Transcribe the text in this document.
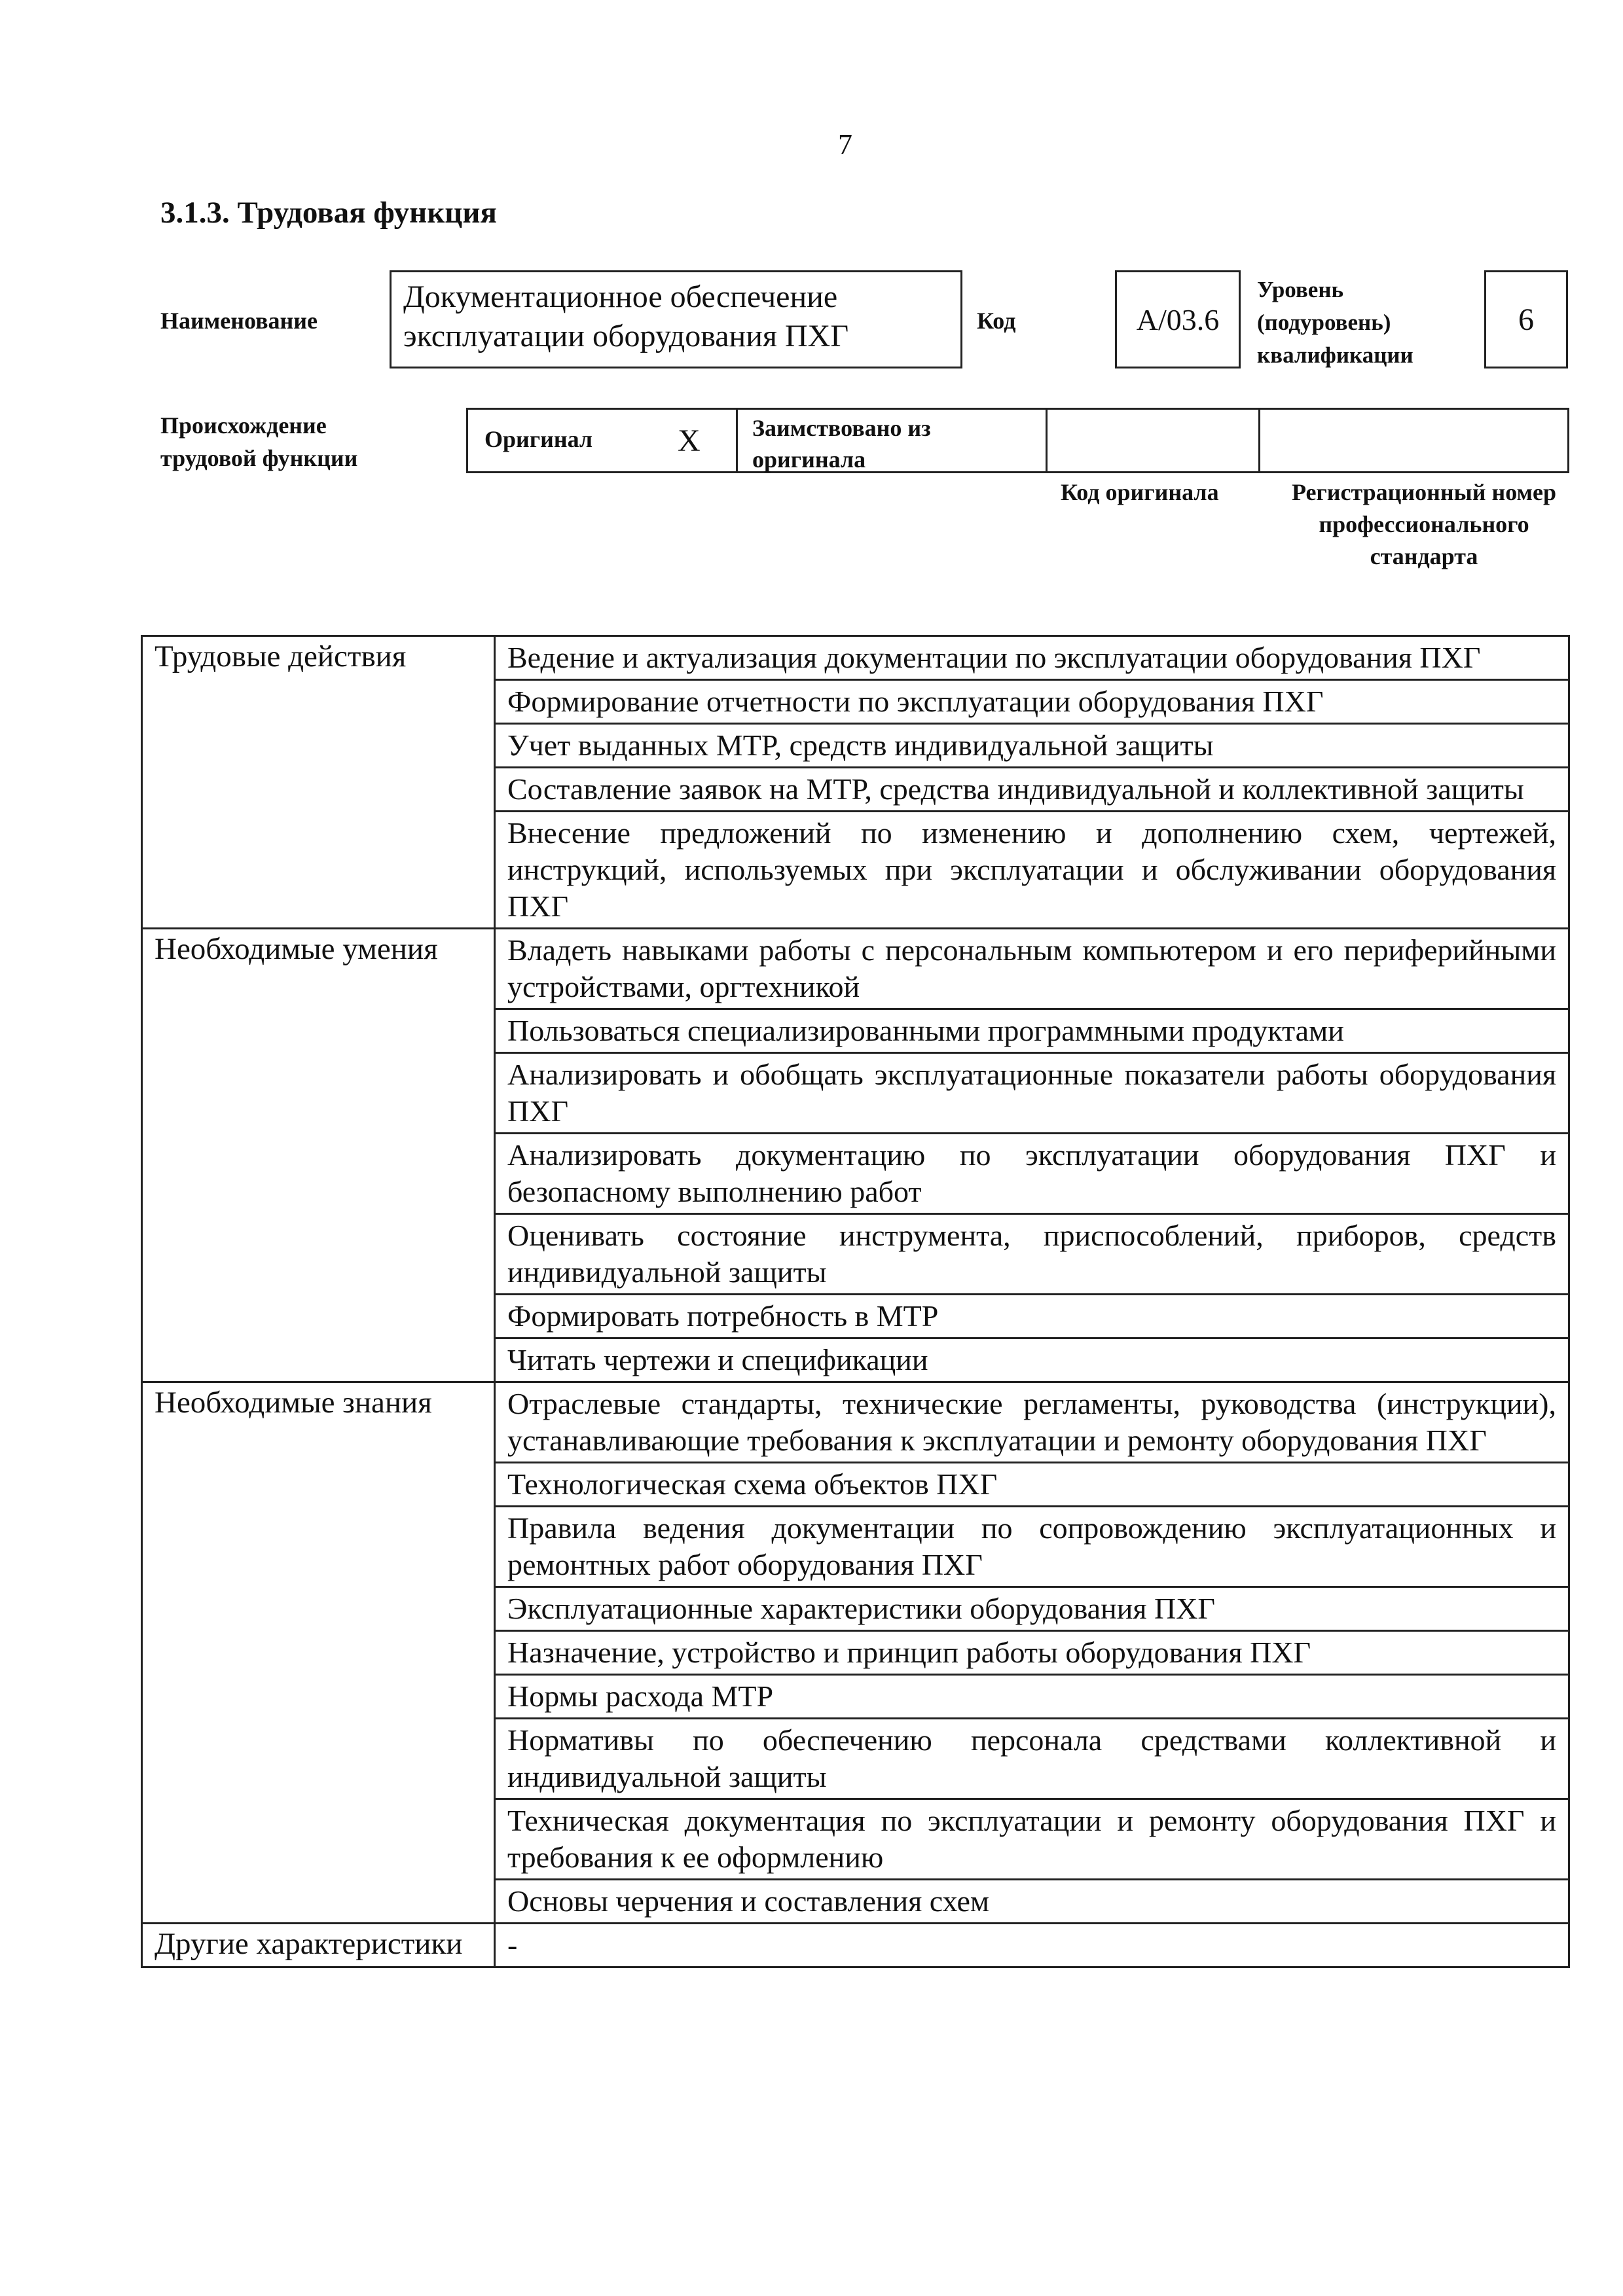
7
3.1.3. Трудовая функция
Наименование
Документационное обеспечение эксплуатации оборудования ПХГ	Код	A/03.6
Уровень (подуровень) квалификации
6
Происхождение трудовой функции
Оригинал	X	Заимствовано из оригинала
Код оригинала	Регистрационный номер профессионального стандарта
Трудовые действия	Ведение и актуализация документации по эксплуатации оборудования ПХГ
	Формирование отчетности по эксплуатации оборудования ПХГ
	Учет выданных МТР, средств индивидуальной защиты
	Составление заявок на МТР, средства индивидуальной и коллективной защиты
	Внесение предложений по изменению и дополнению схем, чертежей, инструкций, используемых при эксплуатации и обслуживании оборудования ПХГ
Необходимые умения	Владеть навыками работы с персональным компьютером и его периферийными устройствами, оргтехникой
	Пользоваться специализированными программными продуктами
	Анализировать и обобщать эксплуатационные показатели работы оборудования ПХГ
	Анализировать документацию по эксплуатации оборудования ПХГ и безопасному выполнению работ
	Оценивать состояние инструмента, приспособлений, приборов, средств индивидуальной защиты
	Формировать потребность в МТР
	Читать чертежи и спецификации
Необходимые знания	Отраслевые стандарты, технические регламенты, руководства (инструкции), устанавливающие требования к эксплуатации и ремонту оборудования ПХГ
	Технологическая схема объектов ПХГ
	Правила ведения документации по сопровождению эксплуатационных и ремонтных работ оборудования ПХГ
	Эксплуатационные характеристики оборудования ПХГ
	Назначение, устройство и принцип работы оборудования ПХГ
	Нормы расхода МТР
	Нормативы по обеспечению персонала средствами коллективной и индивидуальной защиты
	Техническая документация по эксплуатации и ремонту оборудования ПХГ и требования к ее оформлению
	Основы черчения и составления схем
Другие характеристики	-
